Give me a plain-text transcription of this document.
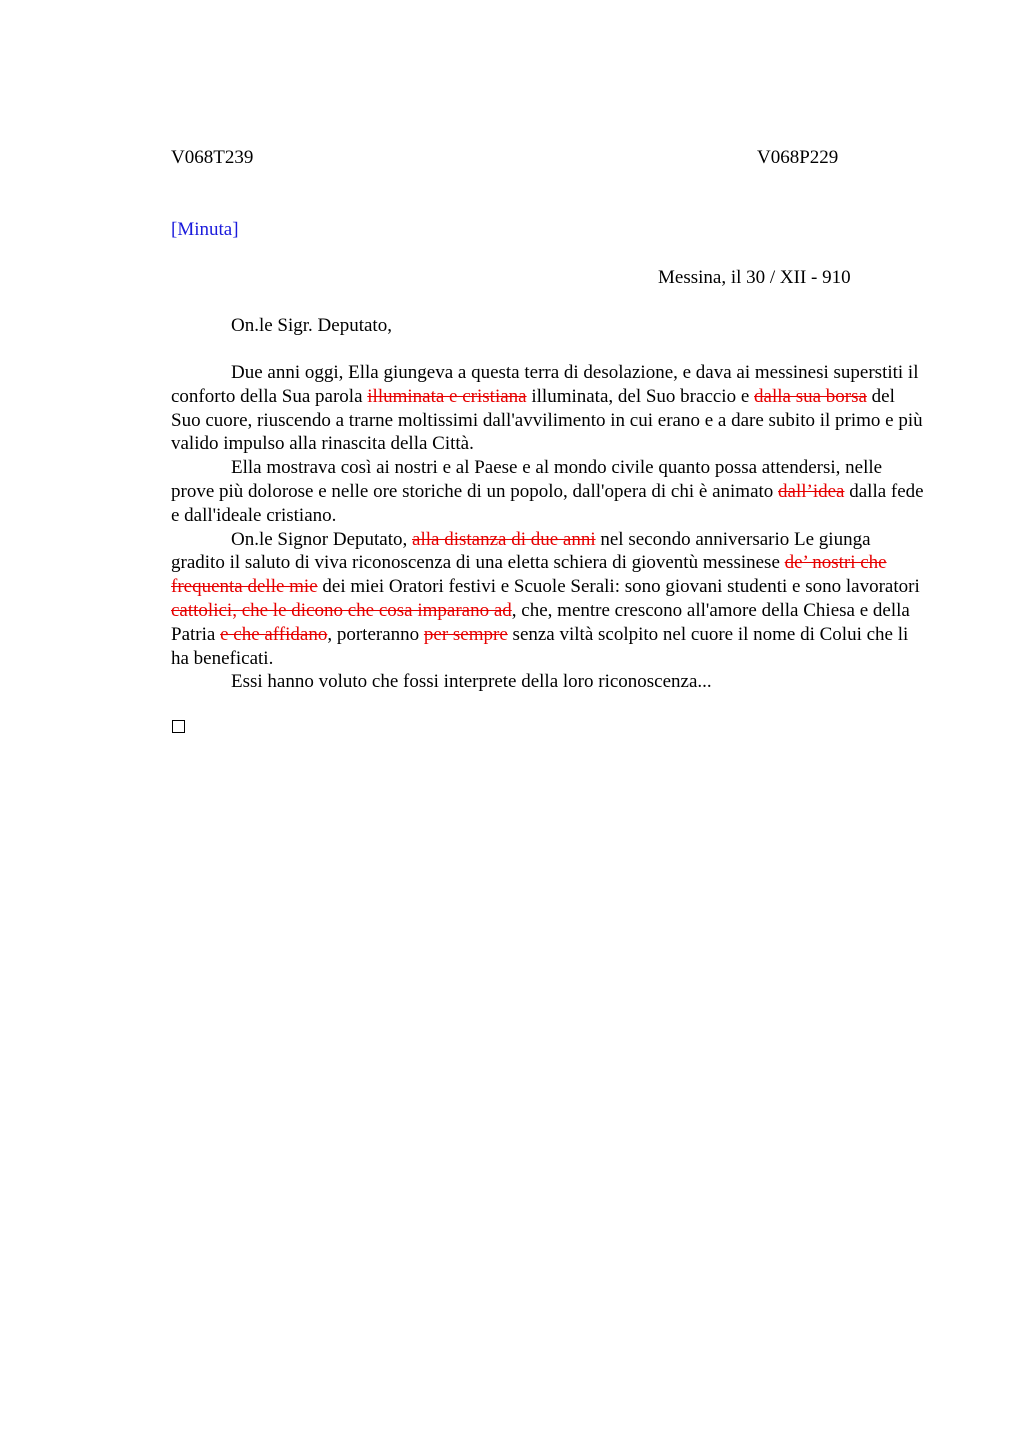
V068T239	V068P229
[Minuta]
Messina, il 30 / XII - 910
On.le Sigr. Deputato,

Due anni oggi, Ella giungeva a questa terra di desolazione, e dava ai messinesi superstiti il conforto della Sua parola illuminata e cristiana illuminata, del Suo braccio e dalla sua borsa del Suo cuore, riuscendo a trarne moltissimi dall'avvilimento in cui erano e a dare subito il primo e più valido impulso alla rinascita della Città.

Ella mostrava così ai nostri e al Paese e al mondo civile quanto possa attendersi, nelle prove più dolorose e nelle ore storiche di un popolo, dall'opera di chi è animato dall’idea dalla fede e dall'ideale cristiano.

On.le Signor Deputato, alla distanza di due anni nel secondo anniversario Le giunga gradito il saluto di viva riconoscenza di una eletta schiera di gioventù messinese de’ nostri che frequenta delle mie dei miei Oratori festivi e Scuole Serali: sono giovani studenti e sono lavoratori cattolici, che le dicono che cosa imparano ad, che, mentre crescono all'amore della Chiesa e della Patria e che affidano, porteranno per sempre senza viltà scolpito nel cuore il nome di Colui che li ha beneficati.

Essi hanno voluto che fossi interprete della loro riconoscenza...
